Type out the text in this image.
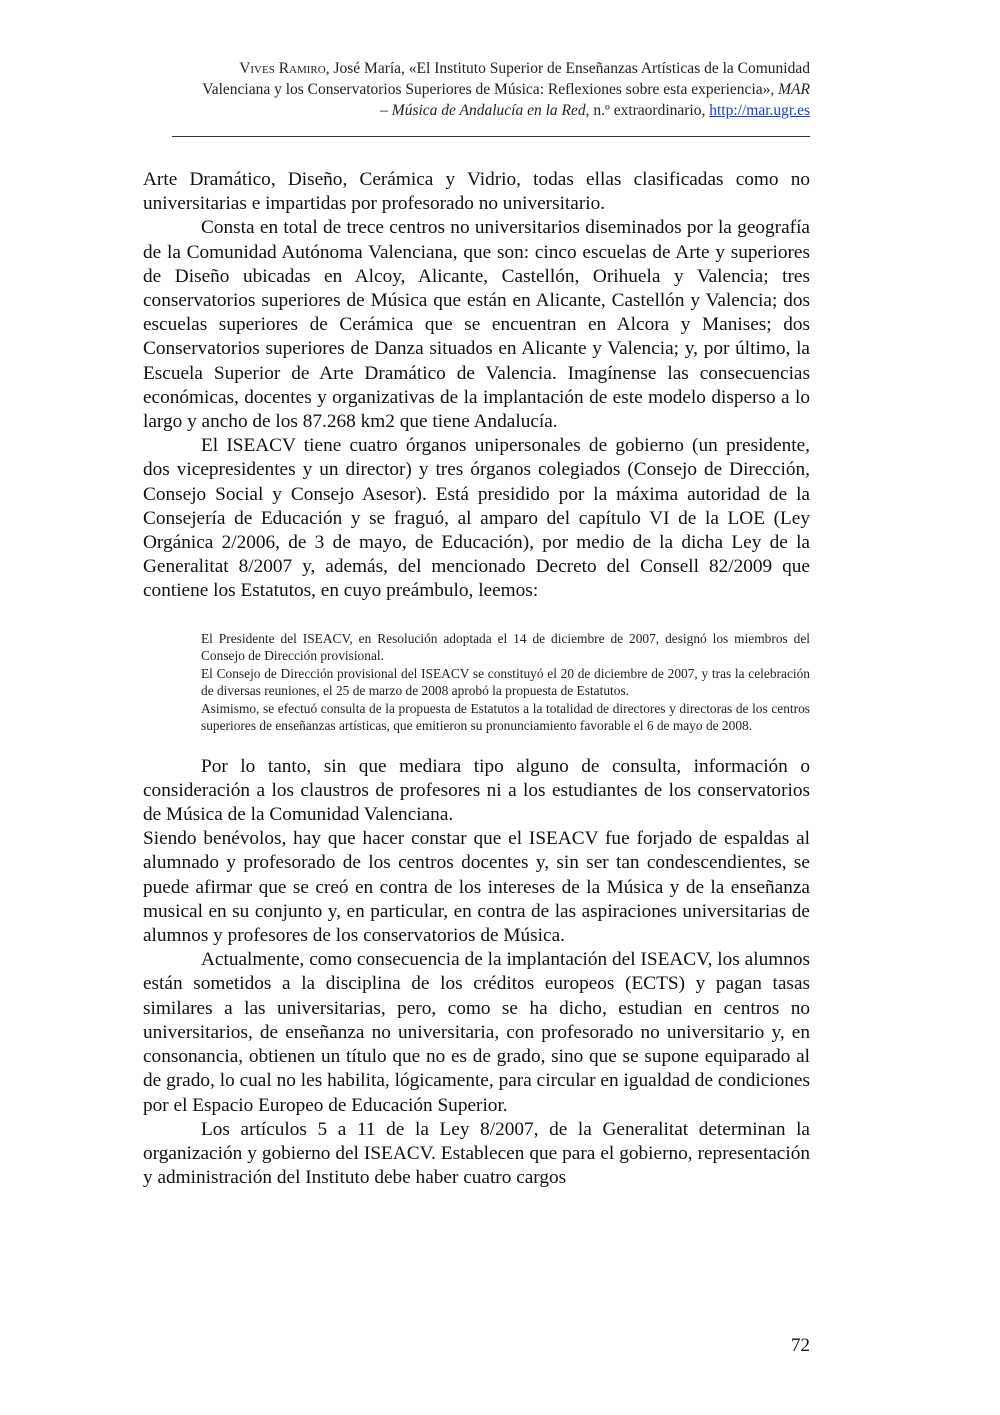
Vives Ramiro, José María, «El Instituto Superior de Enseñanzas Artísticas de la Comunidad
Valenciana y los Conservatorios Superiores de Música: Reflexiones sobre esta experiencia», MAR
– Música de Andalucía en la Red, n.º extraordinario, http://mar.ugr.es

Arte Dramático, Diseño, Cerámica y Vidrio, todas ellas clasificadas como no universitarias e impartidas por profesorado no universitario.

Consta en total de trece centros no universitarios diseminados por la geografía de la Comunidad Autónoma Valenciana, que son: cinco escuelas de Arte y superiores de Diseño ubicadas en Alcoy, Alicante, Castellón, Orihuela y Valencia; tres conservatorios superiores de Música que están en Alicante, Castellón y Valencia; dos escuelas superiores de Cerámica que se encuentran en Alcora y Manises; dos Conservatorios superiores de Danza situados en Alicante y Valencia; y, por último, la Escuela Superior de Arte Dramático de Valencia. Imagínense las consecuencias económicas, docentes y organizativas de la implantación de este modelo disperso a lo largo y ancho de los 87.268 km2 que tiene Andalucía.

El ISEACV tiene cuatro órganos unipersonales de gobierno (un presidente, dos vicepresidentes y un director) y tres órganos colegiados (Consejo de Dirección, Consejo Social y Consejo Asesor). Está presidido por la máxima autoridad de la Consejería de Educación y se fraguó, al amparo del capítulo VI de la LOE (Ley Orgánica 2/2006, de 3 de mayo, de Educación), por medio de la dicha Ley de la Generalitat 8/2007 y, además, del mencionado Decreto del Consell 82/2009 que contiene los Estatutos, en cuyo preámbulo, leemos:

El Presidente del ISEACV, en Resolución adoptada el 14 de diciembre de 2007, designó los miembros del Consejo de Dirección provisional.

El Consejo de Dirección provisional del ISEACV se constituyó el 20 de diciembre de 2007, y tras la celebración de diversas reuniones, el 25 de marzo de 2008 aprobó la propuesta de Estatutos.

Asimismo, se efectuó consulta de la propuesta de Estatutos a la totalidad de directores y directoras de los centros superiores de enseñanzas artísticas, que emitieron su pronunciamiento favorable el 6 de mayo de 2008.

Por lo tanto, sin que mediara tipo alguno de consulta, información o consideración a los claustros de profesores ni a los estudiantes de los conservatorios de Música de la Comunidad Valenciana.

Siendo benévolos, hay que hacer constar que el ISEACV fue forjado de espaldas al alumnado y profesorado de los centros docentes y, sin ser tan condescendientes, se puede afirmar que se creó en contra de los intereses de la Música y de la enseñanza musical en su conjunto y, en particular, en contra de las aspiraciones universitarias de alumnos y profesores de los conservatorios de Música.

Actualmente, como consecuencia de la implantación del ISEACV, los alumnos están sometidos a la disciplina de los créditos europeos (ECTS) y pagan tasas similares a las universitarias, pero, como se ha dicho, estudian en centros no universitarios, de enseñanza no universitaria, con profesorado no universitario y, en consonancia, obtienen un título que no es de grado, sino que se supone equiparado al de grado, lo cual no les habilita, lógicamente, para circular en igualdad de condiciones por el Espacio Europeo de Educación Superior.

Los artículos 5 a 11 de la Ley 8/2007, de la Generalitat determinan la organización y gobierno del ISEACV. Establecen que para el gobierno, representación y administración del Instituto debe haber cuatro cargos

72
